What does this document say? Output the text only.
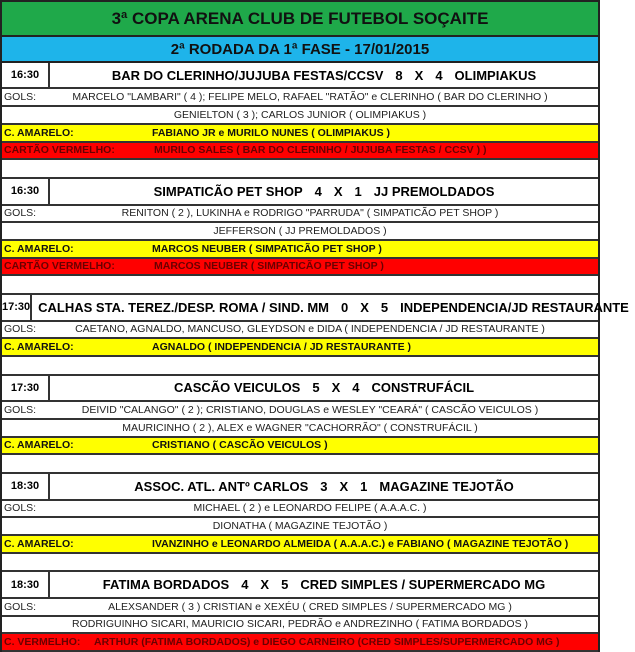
3ª COPA ARENA CLUB DE FUTEBOL SOÇAITE
2ª RODADA DA 1ª FASE - 17/01/2015
16:30	BAR DO CLERINHO/JUJUBA FESTAS/CCSV 8 X 4 OLIMPIAKUS
GOLS:	MARCELO "LAMBARI" ( 4 ); FELIPE MELO, RAFAEL "RATÃO" e CLERINHO ( BAR DO CLERINHO )
GENIELTON ( 3 ); CARLOS JUNIOR ( OLIMPIAKUS )
C. AMARELO:	FABIANO JR e MURILO NUNES ( OLIMPIAKUS )
CARTÃO VERMELHO:	MURILO SALES ( BAR DO CLERINHO / JUJUBA FESTAS / CCSV ) )
16:30	SIMPATICÃO PET SHOP 4 X 1 JJ PREMOLDADOS
GOLS:	RENITON ( 2 ), LUKINHA e RODRIGO "PARRUDA" ( SIMPATICÃO PET SHOP )
JEFFERSON ( JJ PREMOLDADOS )
C. AMARELO:	MARCOS NEUBER ( SIMPATICÃO PET SHOP )
CARTÃO VERMELHO:	MARCOS NEUBER ( SIMPATICÃO PET SHOP )
17:30 CALHAS STA. TEREZ./DESP. ROMA / SIND. MM 0 X 5 INDEPENDENCIA/JD RESTAURANTE
GOLS:	CAETANO, AGNALDO, MANCUSO, GLEYDSON e DIDA ( INDEPENDENCIA / JD RESTAURANTE )
C. AMARELO:	AGNALDO ( INDEPENDENCIA / JD RESTAURANTE )
17:30	CASCÃO VEICULOS 5 X 4 CONSTRUFÁCIL
GOLS:	DEIVID "CALANGO" ( 2 ); CRISTIANO, DOUGLAS e WESLEY "CEARÁ" ( CASCÃO VEICULOS )
MAURICINHO ( 2 ), ALEX e WAGNER "CACHORRÃO" ( CONSTRUFÁCIL )
C. AMARELO:	CRISTIANO ( CASCÃO VEICULOS )
18:30	ASSOC. ATL. ANTº CARLOS 3 X 1 MAGAZINE TEJOTÃO
GOLS:	MICHAEL ( 2 ) e LEONARDO FELIPE ( A.A.A.C. )
DIONATHA ( MAGAZINE TEJOTÃO )
C. AMARELO:	IVANZINHO e LEONARDO ALMEIDA ( A.A.A.C.) e FABIANO ( MAGAZINE TEJOTÃO )
18:30	FATIMA BORDADOS 4 X 5 CRED SIMPLES / SUPERMERCADO MG
GOLS:	ALEXSANDER ( 3 ) CRISTIAN e XEXÉU ( CRED SIMPLES / SUPERMERCADO MG )
RODRIGUINHO SICARI, MAURICIO SICARI, PEDRÃO e ANDREZINHO ( FATIMA BORDADOS )
C. VERMELHO: ARTHUR (FATIMA BORDADOS) e DIEGO CARNEIRO (CRED SIMPLES/SUPERMERCADO MG )
